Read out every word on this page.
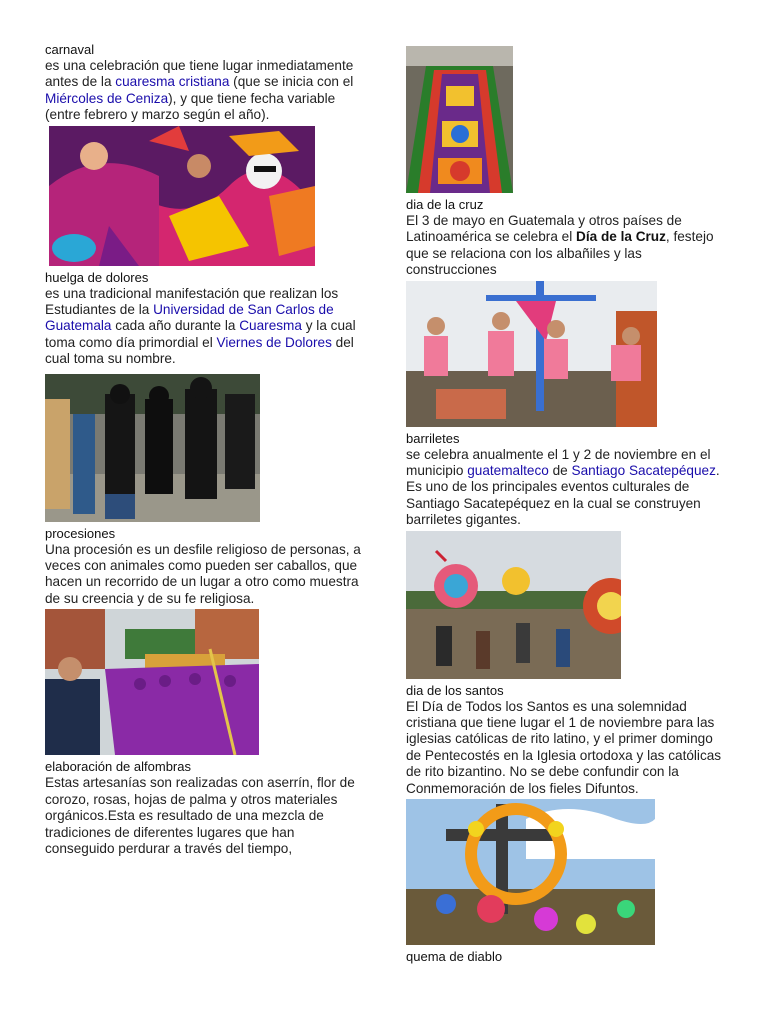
carnaval

es una celebración que tiene lugar inmediatamente antes de la cuaresma cristiana (que se inicia con el Miércoles de Ceniza), y que tiene fecha variable (entre febrero y marzo según el año).

huelga de dolores

es una tradicional manifestación que realizan los Estudiantes de la Universidad de San Carlos de Guatemala cada año durante la Cuaresma y la cual toma como día primordial el Viernes de Dolores del cual toma su nombre.

procesiones

Una procesión es un desfile religioso de personas, a veces con animales como pueden ser caballos, que hacen un recorrido de un lugar a otro como muestra de su creencia y de su fe religiosa.

elaboración de alfombras

Estas artesanías son realizadas con aserrín, flor de corozo, rosas, hojas de palma y otros materiales orgánicos.Esta es resultado de una mezcla de tradiciones de diferentes lugares que han conseguido perdurar a través del tiempo,

dia de la cruz

El 3 de mayo en Guatemala y otros países de Latinoamérica se celebra el Día de la Cruz, festejo que se relaciona con los albañiles y las construcciones

barriletes

se celebra anualmente el 1 y 2 de noviembre en el municipio guatemalteco de Santiago Sacatepéquez. Es uno de los principales eventos culturales de Santiago Sacatepéquez en la cual se construyen barriletes gigantes.

dia de los santos

El Día de Todos los Santos es una solemnidad cristiana que tiene lugar el 1 de noviembre para las iglesias católicas de rito latino, y el primer domingo de Pentecostés en la Iglesia ortodoxa y las católicas de rito bizantino. No se debe confundir con la Conmemoración de los fieles Difuntos.

quema de diablo
